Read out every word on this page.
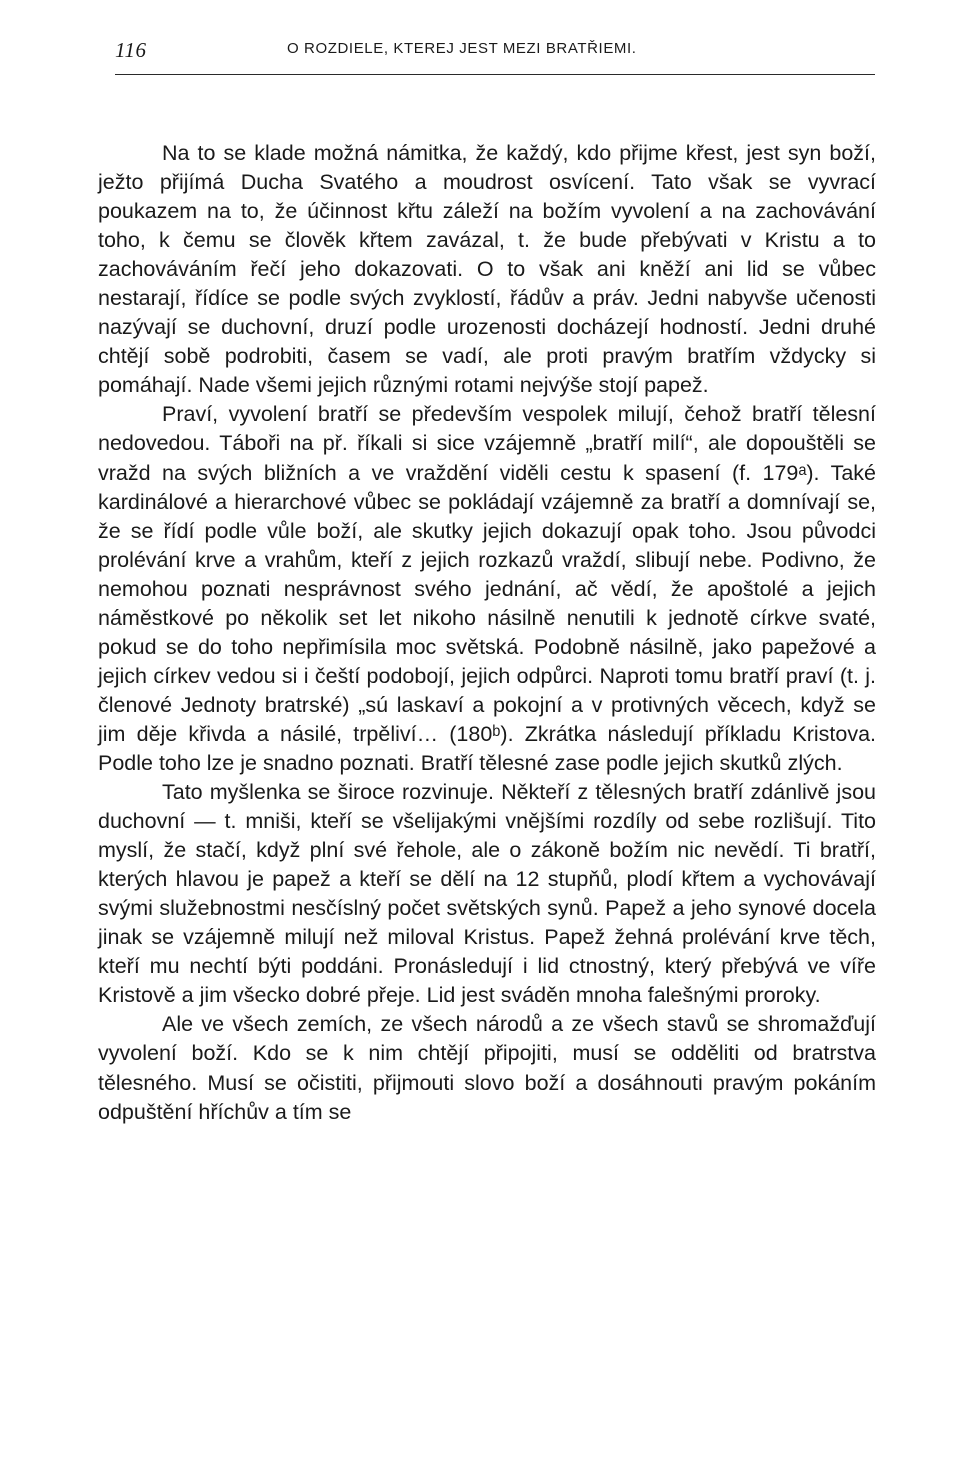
116	O ROZDIELE, KTEREJ JEST MEZI BRATŘIEMI.

Na to se klade možná námitka, že každý, kdo přijme křest, jest syn boží, ježto přijímá Ducha Svatého a moudrost osvícení. Tato však se vyvrací poukazem na to, že účinnost křtu záleží na božím vyvolení a na zachovávání toho, k čemu se člověk křtem zavázal, t. že bude přebývati v Kristu a to zachováváním řečí jeho dokazovati. O to však ani kněží ani lid se vůbec nestarají, řídíce se podle svých zvyklostí, řádův a práv. Jedni nabyvše učenosti nazývají se duchovní, druzí podle urozenosti docházejí hodností. Jedni druhé chtějí sobě podrobiti, časem se vadí, ale proti pravým bratřím vždycky si pomáhají. Nade všemi jejich různými rotami nejvýše stojí papež.

Praví, vyvolení bratří se především vespolek milují, čehož bratří tělesní nedovedou. Táboři na př. říkali si sice vzájemně „bratří milí“, ale dopouštěli se vražd na svých bližních a ve vraždění viděli cestu k spasení (f. 179ᵃ). Také kardinálové a hierarchové vůbec se pokládají vzájemně za bratří a domnívají se, že se řídí podle vůle boží, ale skutky jejich dokazují opak toho. Jsou původci prolévání krve a vrahům, kteří z jejich rozkazů vraždí, slibují nebe. Podivno, že nemohou poznati nesprávnost svého jednání, ač vědí, že apoštolé a jejich náměstkové po několik set let nikoho násilně nenutili k jednotě církve svaté, pokud se do toho nepřimísila moc světská. Podobně násilně, jako papežové a jejich církev vedou si i čeští podobojí, jejich odpůrci. Naproti tomu bratří praví (t. j. členové Jednoty bratrské) „sú laskaví a pokojní a v protivných věcech, když se jim děje křivda a násilé, trpěliví… (180ᵇ). Zkrátka následují příkladu Kristova. Podle toho lze je snadno poznati. Bratří tělesné zase podle jejich skutků zlých.

Tato myšlenka se široce rozvinuje. Někteří z tělesných bratří zdánlivě jsou duchovní — t. mniši, kteří se všelijakými vnějšími rozdíly od sebe rozlišují. Tito myslí, že stačí, když plní své řehole, ale o zákoně božím nic nevědí. Ti bratří, kterých hlavou je papež a kteří se dělí na 12 stupňů, plodí křtem a vychovávají svými služebnostmi nesčíslný počet světských synů. Papež a jeho synové docela jinak se vzájemně milují než miloval Kristus. Papež žehná prolévání krve těch, kteří mu nechtí býti poddáni. Pronásledují i lid ctnostný, který přebývá ve víře Kristově a jim všecko dobré přeje. Lid jest sváděn mnoha falešnými proroky.

Ale ve všech zemích, ze všech národů a ze všech stavů se shromažďují vyvolení boží. Kdo se k nim chtějí připojiti, musí se odděliti od bratrstva tělesného. Musí se očistiti, přijmouti slovo boží a dosáhnouti pravým pokáním odpuštění hříchův a tím se
